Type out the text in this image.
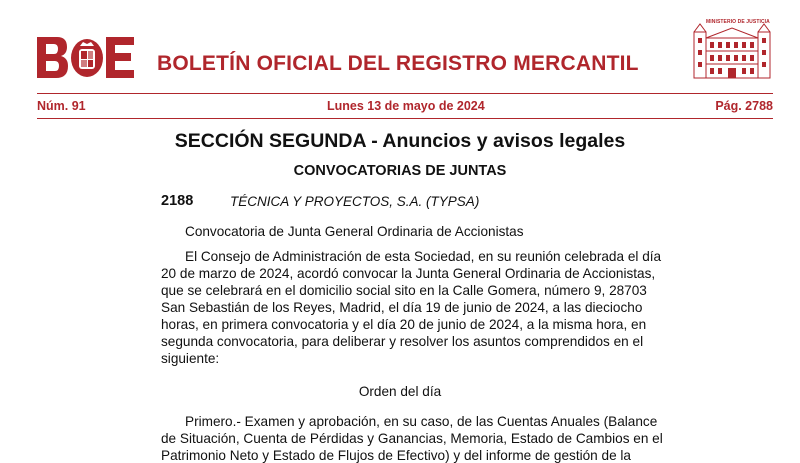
BOLETÍN OFICIAL DEL REGISTRO MERCANTIL
MINISTERIO DE JUSTICIA
Núm. 91	Lunes 13 de mayo de 2024	Pág. 2788
SECCIÓN SEGUNDA - Anuncios y avisos legales
CONVOCATORIAS DE JUNTAS
2188	TÉCNICA Y PROYECTOS, S.A. (TYPSA)
Convocatoria de Junta General Ordinaria de Accionistas
El Consejo de Administración de esta Sociedad, en su reunión celebrada el día
20 de marzo de 2024, acordó convocar la Junta General Ordinaria de Accionistas,
que se celebrará en el domicilio social sito en la Calle Gomera, número 9, 28703
San Sebastián de los Reyes, Madrid, el día 19 de junio de 2024, a las dieciocho
horas, en primera convocatoria y el día 20 de junio de 2024, a la misma hora, en
segunda convocatoria, para deliberar y resolver los asuntos comprendidos en el
siguiente:
Orden del día
Primero.- Examen y aprobación, en su caso, de las Cuentas Anuales (Balance
de Situación, Cuenta de Pérdidas y Ganancias, Memoria, Estado de Cambios en el
Patrimonio Neto y Estado de Flujos de Efectivo) y del informe de gestión de la
